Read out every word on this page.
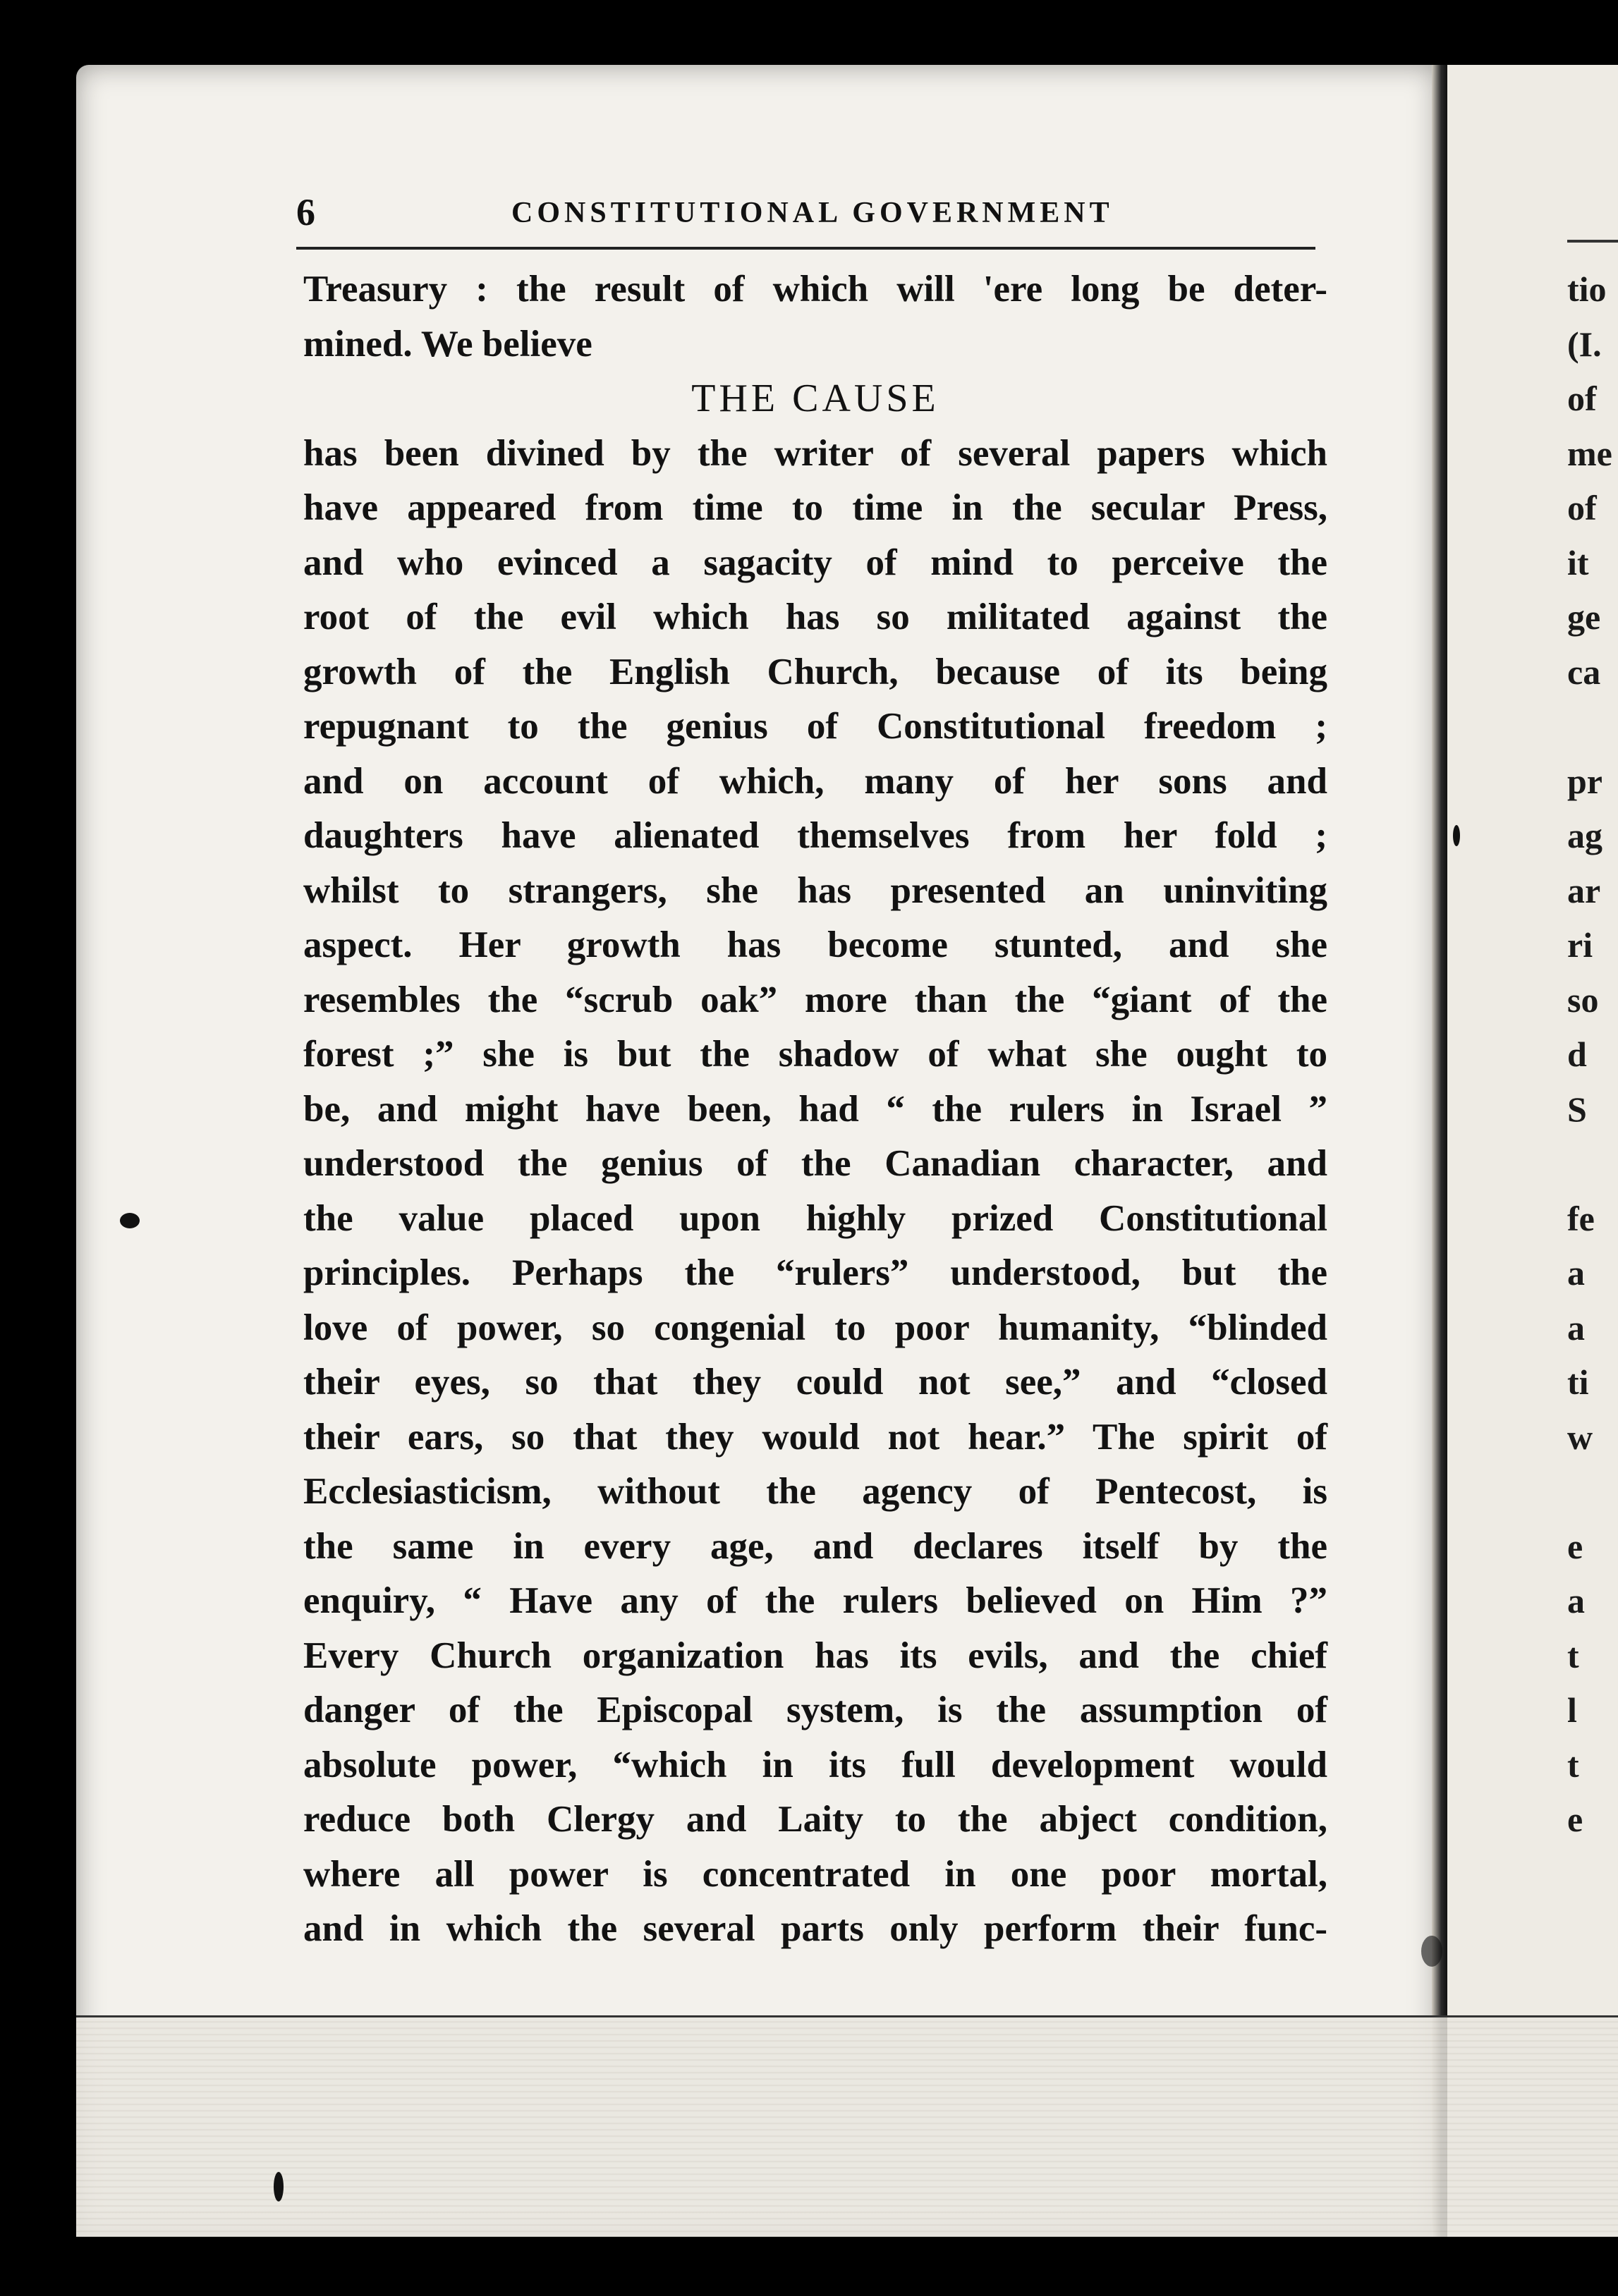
6	CONSTITUTIONAL GOVERNMENT
Treasury : the result of which will 'ere long be deter-
mined. We believe
THE CAUSE
has been divined by the writer of several papers which
have appeared from time to time in the secular Press,
and who evinced a sagacity of mind to perceive the
root of the evil which has so militated against the
growth of the English Church, because of its being
repugnant to the genius of Constitutional freedom ;
and on account of which, many of her sons and
daughters have alienated themselves from her fold ;
whilst to strangers, she has presented an uninviting
aspect. Her growth has become stunted, and she
resembles the “scrub oak” more than the “giant of the
forest ;” she is but the shadow of what she ought to
be, and might have been, had “ the rulers in Israel ”
understood the genius of the Canadian character, and
the value placed upon highly prized Constitutional
principles. Perhaps the “rulers” understood, but the
love of power, so congenial to poor humanity, “blinded
their eyes, so that they could not see,” and “closed
their ears, so that they would not hear.” The spirit of
Ecclesiasticism, without the agency of Pentecost, is
the same in every age, and declares itself by the
enquiry, “ Have any of the rulers believed on Him ?”
Every Church organization has its evils, and the chief
danger of the Episcopal system, is the assumption of
absolute power, “which in its full development would
reduce both Clergy and Laity to the abject condition,
where all power is concentrated in one poor mortal,
and in which the several parts only perform their func-
tio
(I.
of
me
of
it
ge
ca
pr
ag
ar
ri
so
d
S
fe
a
a
ti
w
e
a
t
l
t
e
